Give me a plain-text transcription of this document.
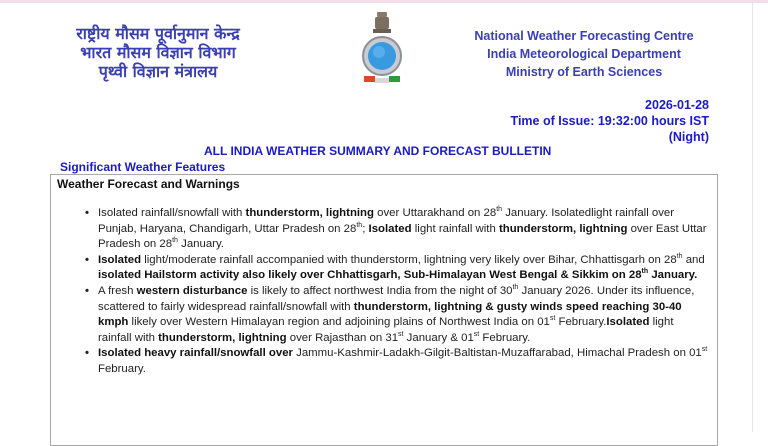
राष्ट्रीय मौसम पूर्वानुमान केन्द्र
भारत मौसम विज्ञान विभाग
पृथ्वी विज्ञान मंत्रालय
National Weather Forecasting Centre
India Meteorological Department
Ministry of Earth Sciences
2026-01-28
Time of Issue: 19:32:00 hours IST
(Night)
ALL INDIA WEATHER SUMMARY AND FORECAST BULLETIN
Significant Weather Features
Weather Forecast and Warnings
• Isolated rainfall/snowfall with thunderstorm, lightning over Uttarakhand on 28th January. Isolatedlight rainfall over Punjab, Haryana, Chandigarh, Uttar Pradesh on 28th; Isolated light rainfall with thunderstorm, lightning over East Uttar Pradesh on 28th January.
• Isolated light/moderate rainfall accompanied with thunderstorm, lightning very likely over Bihar, Chhattisgarh on 28th and isolated Hailstorm activity also likely over Chhattisgarh, Sub-Himalayan West Bengal & Sikkim on 28th January.
• A fresh western disturbance is likely to affect northwest India from the night of 30th January 2026. Under its influence, scattered to fairly widespread rainfall/snowfall with thunderstorm, lightning & gusty winds speed reaching 30-40 kmph likely over Western Himalayan region and adjoining plains of Northwest India on 01st February.Isolated light rainfall with thunderstorm, lightning over Rajasthan on 31st January & 01st February.
• Isolated heavy rainfall/snowfall over Jammu-Kashmir-Ladakh-Gilgit-Baltistan-Muzaffarabad, Himachal Pradesh on 01st February.
